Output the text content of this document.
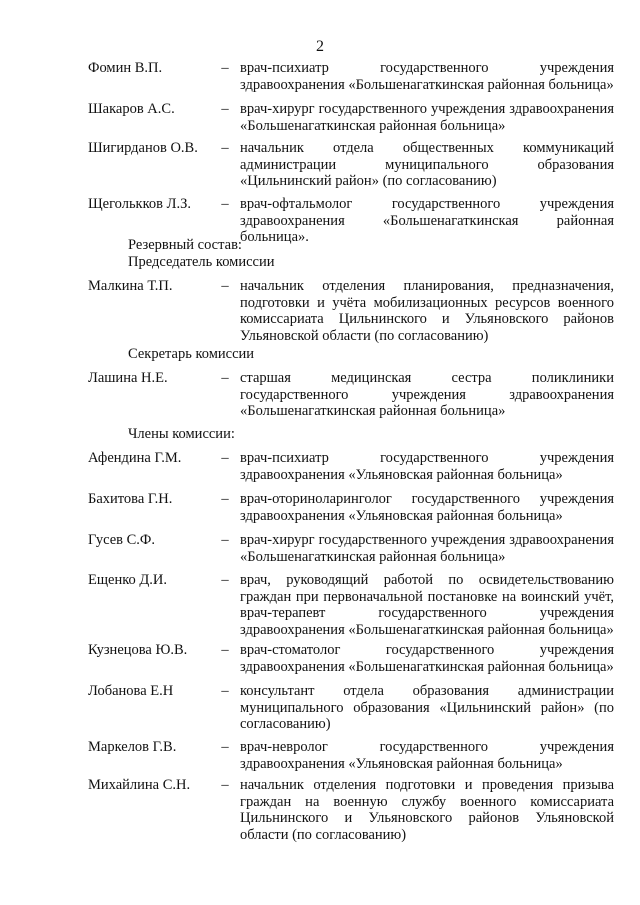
2
Фомин В.П.	– врач-психиатр государственного учреждения здравоохранения «Большенагаткинская районная больница»
Шакаров А.С.	– врач-хирург государственного учреждения здравоохранения «Большенагаткинская районная больница»
Шигирданов О.В.	– начальник отдела общественных коммуникаций администрации муниципального образования «Цильнинский район» (по согласованию)
Щеголькков Л.З.	– врач-офтальмолог государственного учреждения здравоохранения «Большенагаткинская районная больница».
Резервный состав:
Председатель комиссии
Малкина Т.П.	– начальник отделения планирования, предназначения, подготовки и учёта мобилизационных ресурсов военного комиссариата Цильнинского и Ульяновского районов Ульяновской области (по согласованию)
Секретарь комиссии
Лашина Н.Е.	– старшая медицинская сестра поликлиники государственного учреждения здравоохранения «Большенагаткинская районная больница»
Члены комиссии:
Афендина Г.М.	– врач-психиатр государственного учреждения здравоохранения «Ульяновская районная больница»
Бахитова Г.Н.	– врач-оториноларинголог государственного учреждения здравоохранения «Ульяновская районная больница»
Гусев С.Ф.	– врач-хирург государственного учреждения здравоохранения «Большенагаткинская районная больница»
Ещенко Д.И.	– врач, руководящий работой по освидетельствованию граждан при первоначальной постановке на воинский учёт, врач-терапевт государственного учреждения здравоохранения «Большенагаткинская районная больница»
Кузнецова Ю.В.	– врач-стоматолог государственного учреждения здравоохранения «Большенагаткинская районная больница»
Лобанова Е.Н	– консультант отдела образования администрации муниципального образования «Цильнинский район» (по согласованию)
Маркелов Г.В.	– врач-невролог государственного учреждения здравоохранения «Ульяновская районная больница»
Михайлина С.Н.	– начальник отделения подготовки и проведения призыва граждан на военную службу военного комиссариата Цильнинского и Ульяновского районов Ульяновской области (по согласованию)
